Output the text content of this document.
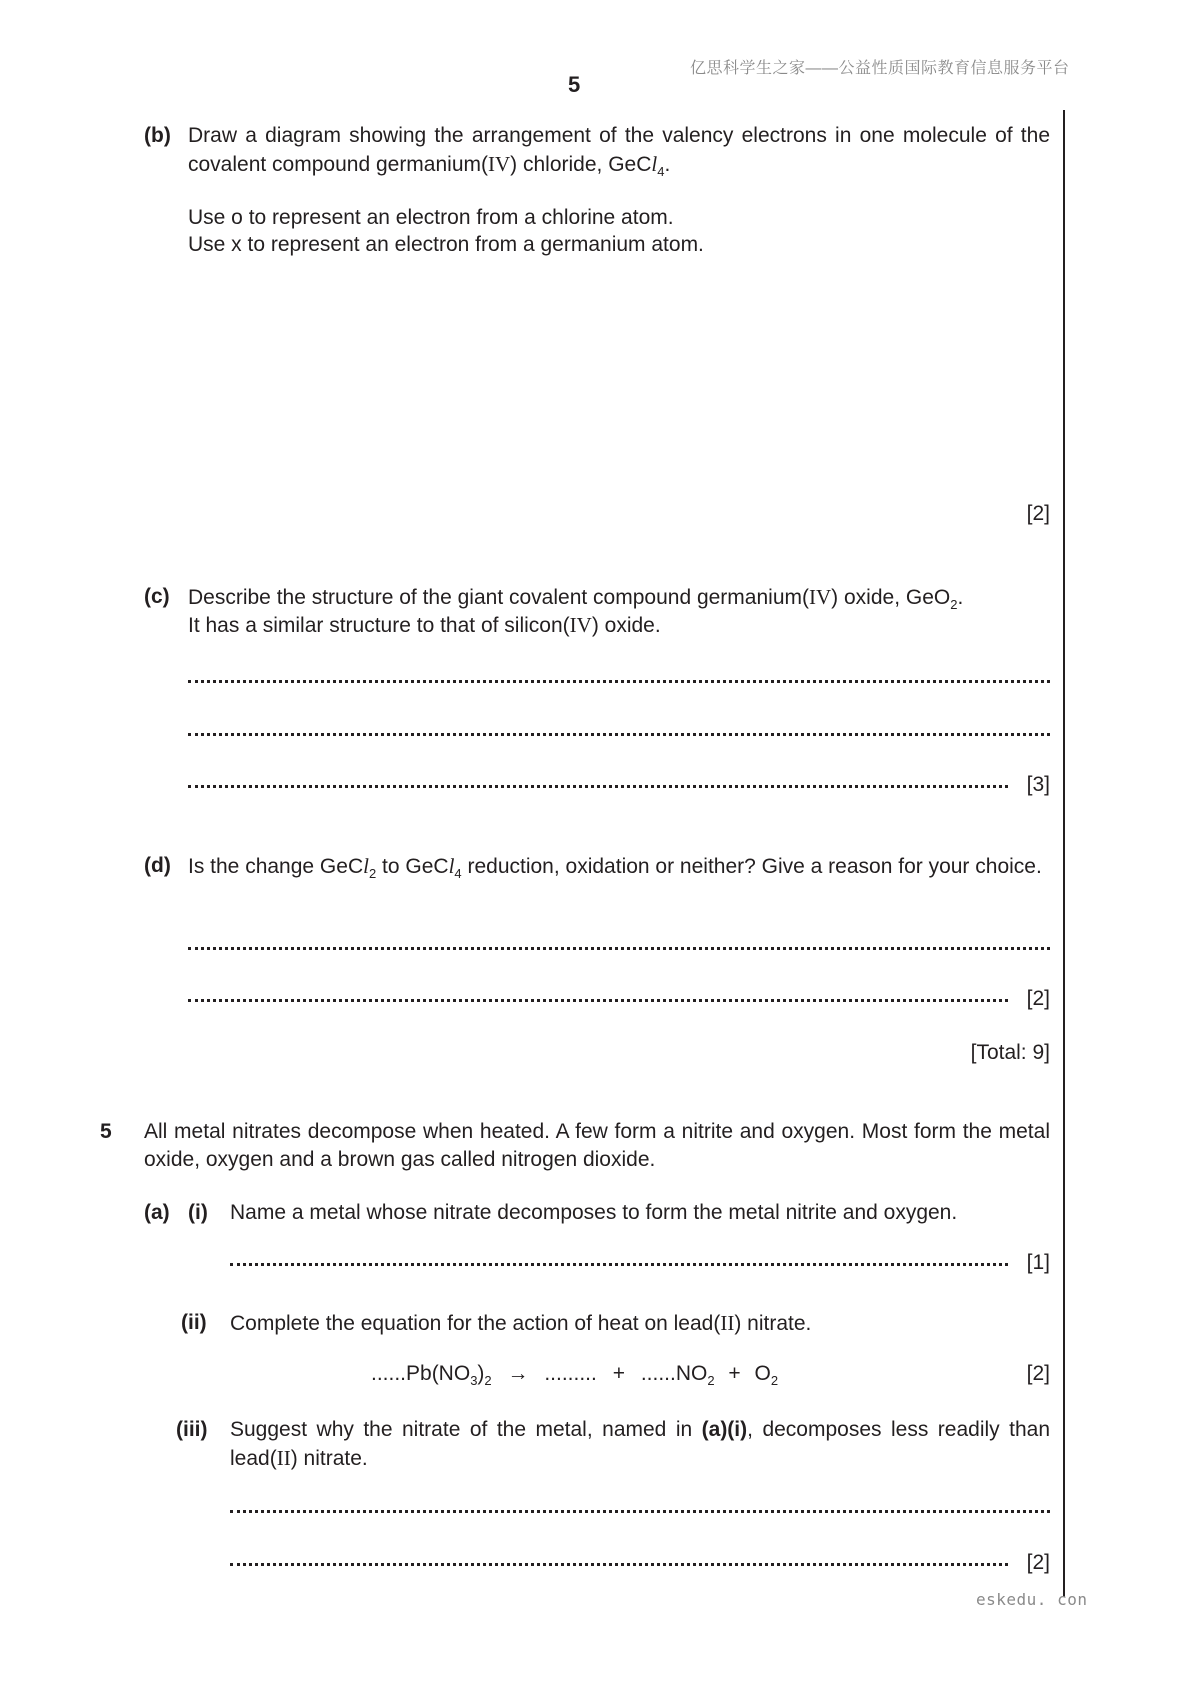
亿思科学生之家——公益性质国际教育信息服务平台
5
(b) Draw a diagram showing the arrangement of the valency electrons in one molecule of the covalent compound germanium(IV) chloride, GeCl$_4$.
Use o to represent an electron from a chlorine atom.
Use x to represent an electron from a germanium atom.
[2]
(c) Describe the structure of the giant covalent compound germanium(IV) oxide, GeO$_2$.
It has a similar structure to that of silicon(IV) oxide.
[3]
(d) Is the change GeCl$_2$ to GeCl$_4$ reduction, oxidation or neither? Give a reason for your choice.
[2]
[Total: 9]
5 All metal nitrates decompose when heated. A few form a nitrite and oxygen. Most form the metal oxide, oxygen and a brown gas called nitrogen dioxide.
(a) (i) Name a metal whose nitrate decomposes to form the metal nitrite and oxygen.
[1]
(ii) Complete the equation for the action of heat on lead(II) nitrate.
$......Pb(NO_3)_2$ → ......... + $......NO_2 + O_2$	[2]
(iii) Suggest why the nitrate of the metal, named in (a)(i), decomposes less readily than lead(II) nitrate.
[2]
eskedu. con
